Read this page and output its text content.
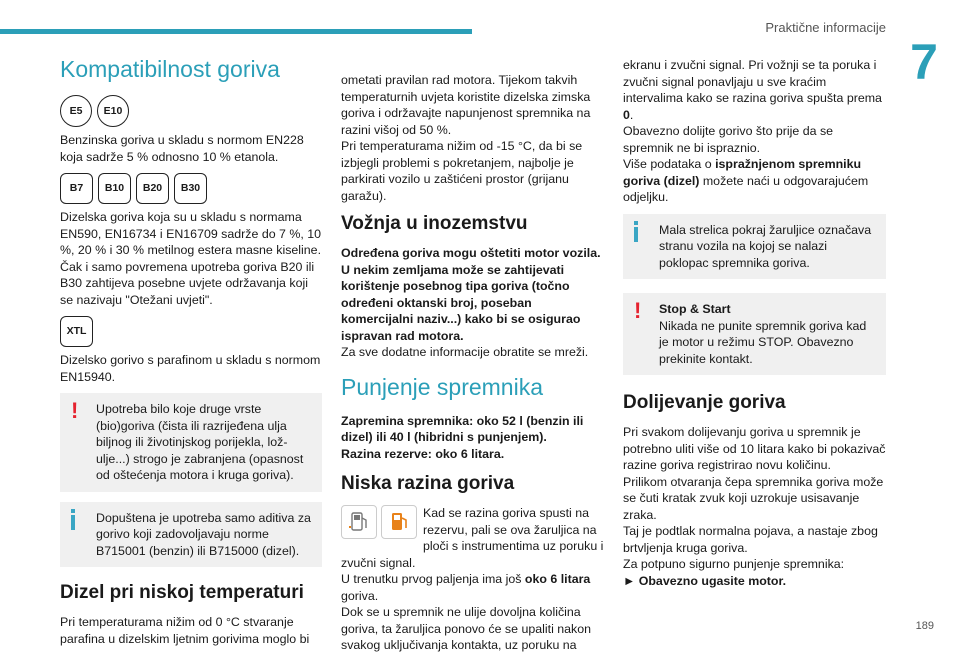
Praktične informacije
7
Kompatibilnost goriva
E5	E10

Benzinska goriva u skladu s normom EN228 koja sadrže 5 % odnosno 10 % etanola.

B7	B10	B20	B30

Dizelska goriva koja su u skladu s normama EN590, EN16734 i EN16709 sadrže do 7 %, 10 %, 20 % i 30 % metilnog estera masne kiseline. Čak i samo povremena upotreba goriva B20 ili B30 zahtijeva posebne uvjete održavanja koji se nazivaju "Otežani uvjeti".

XTL

Dizelsko gorivo s parafinom u skladu s normom EN15940.

!	Upotreba bilo koje druge vrste (bio)goriva (čista ili razrijeđena ulja biljnog ili životinjskog porijekla, lož-ulje...) strogo je zabranjena (opasnost od oštećenja motora i kruga goriva).
Dopuštena je upotreba samo aditiva za gorivo koji zadovoljavaju norme B715001 (benzin) ili B715000 (dizel).
Dizel pri niskoj temperaturi

Pri temperaturama nižim od 0 °C stvaranje parafina u dizelskim ljetnim gorivima moglo bi

ometati pravilan rad motora. Tijekom takvih temperaturnih uvjeta koristite dizelska zimska goriva i održavajte napunjenost spremnika na razini višoj od 50 %.

Pri temperaturama nižim od -15 °C, da bi se izbjegli problemi s pokretanjem, najbolje je parkirati vozilo u zaštićeni prostor (grijanu garažu).

Vožnja u inozemstvu

Određena goriva mogu oštetiti motor vozila. U nekim zemljama može se zahtijevati korištenje posebnog tipa goriva (točno određeni oktanski broj, poseban komercijalni naziv...) kako bi se osigurao ispravan rad motora.

Za sve dodatne informacije obratite se mreži.

Punjenje spremnika

Zapremina spremnika: oko 52 l (benzin ili dizel) ili 40 l (hibridni s punjenjem).

Razina rezerve: oko 6 litara.

Niska razina goriva

Kad se razina goriva spusti na rezervu, pali se ova žaruljica na ploči s instrumentima uz poruku i zvučni signal.

U trenutku prvog paljenja ima još oko 6 litara goriva.

Dok se u spremnik ne ulije dovoljna količina goriva, ta žaruljica ponovo će se upaliti nakon svakog uključivanja kontakta, uz poruku na

ekranu i zvučni signal. Pri vožnji se ta poruka i zvučni signal ponavljaju u sve kraćim intervalima kako se razina goriva spušta prema 0.

Obavezno dolijte gorivo što prije da se spremnik ne bi ispraznio.

Više podataka o ispražnjenom spremniku goriva (dizel) možete naći u odgovarajućem odjeljku.

Mala strelica pokraj žaruljice označava stranu vozila na kojoj se nalazi poklopac spremnika goriva.
!	Stop & Start
Nikada ne punite spremnik goriva kad je motor u režimu STOP. Obavezno prekinite kontakt.
Dolijevanje goriva

Pri svakom dolijevanju goriva u spremnik je potrebno uliti više od 10 litara kako bi pokazivač razine goriva registrirao novu količinu.

Prilikom otvaranja čepa spremnika goriva može se čuti kratak zvuk koji uzrokuje usisavanje zraka.

Taj je podtlak normalna pojava, a nastaje zbog brtvljenja kruga goriva.

Za potpuno sigurno punjenje spremnika:

► Obavezno ugasite motor.

189
